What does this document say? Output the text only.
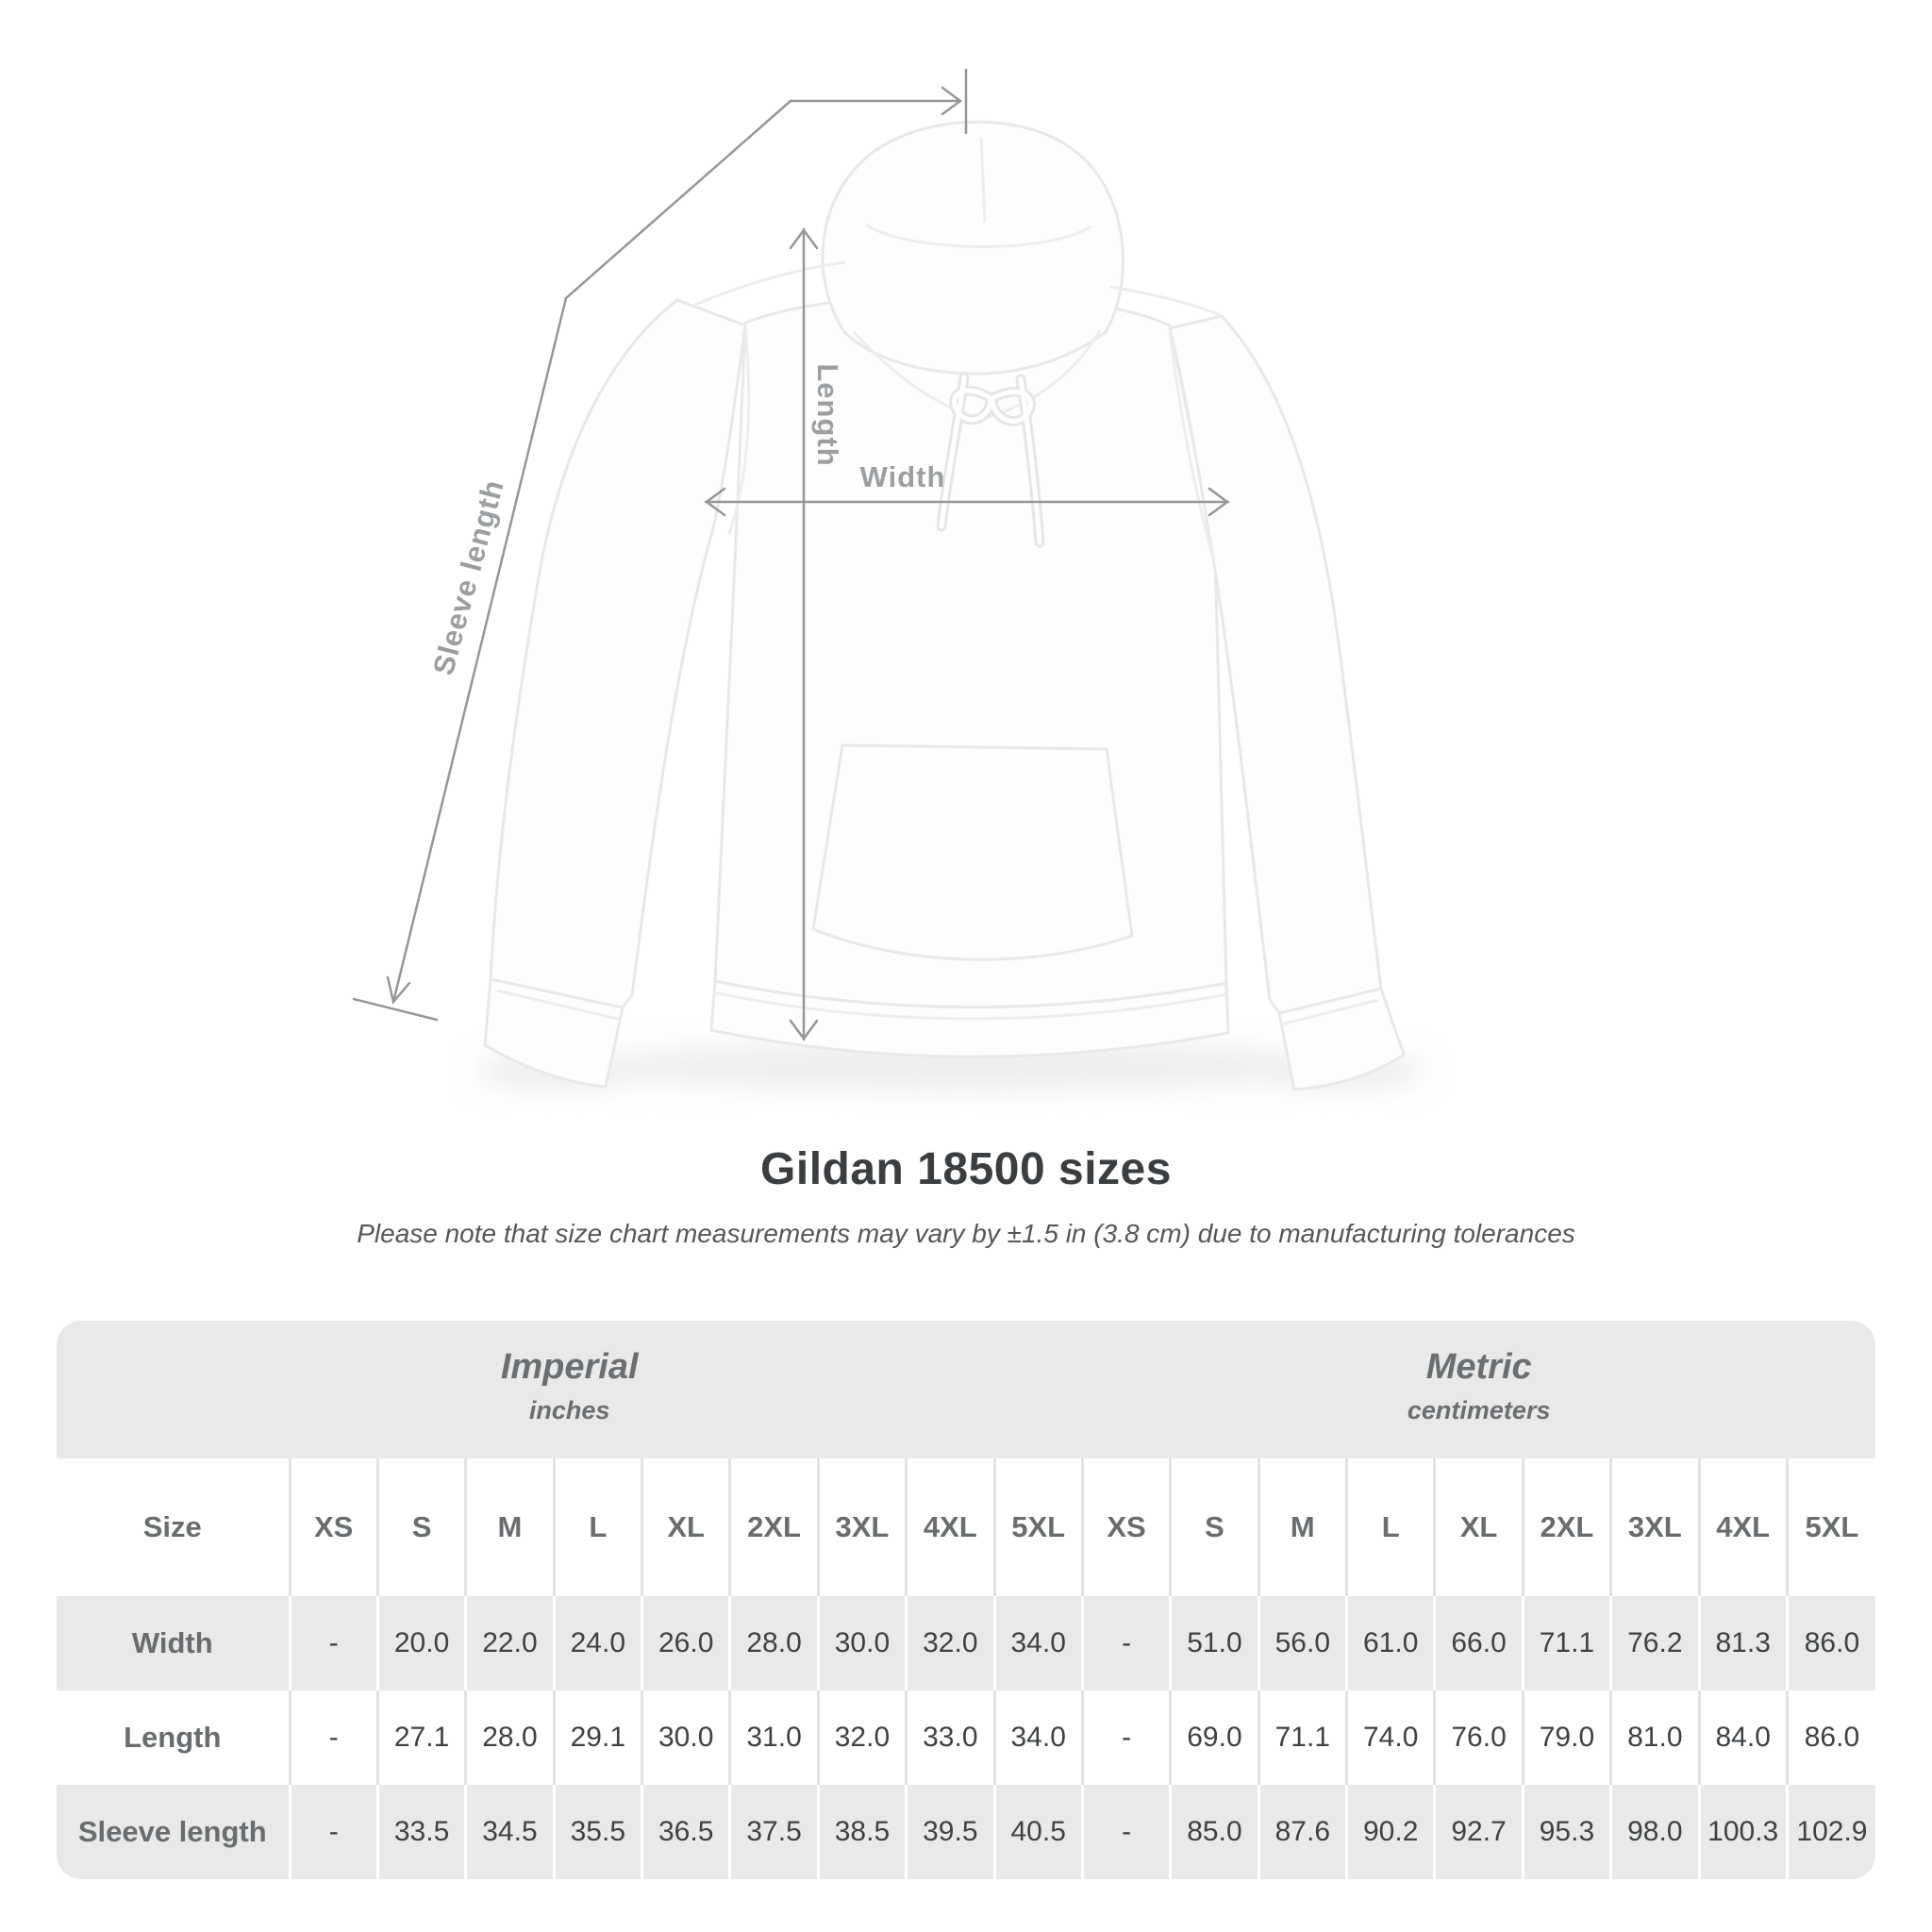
Length
Width
Sleeve length
Gildan 18500 sizes
Please note that size chart measurements may vary by ±1.5 in (3.8 cm) due to manufacturing tolerances
Imperial
inches

Metric
centimeters

Size	XS	S	M	L	XL	2XL	3XL	4XL	5XL	XS	S	M	L	XL	2XL	3XL	4XL	5XL
Width	-	20.0	22.0	24.0	26.0	28.0	30.0	32.0	34.0	-	51.0	56.0	61.0	66.0	71.1	76.2	81.3	86.0
Length	-	27.1	28.0	29.1	30.0	31.0	32.0	33.0	34.0	-	69.0	71.1	74.0	76.0	79.0	81.0	84.0	86.0
Sleeve length	-	33.5	34.5	35.5	36.5	37.5	38.5	39.5	40.5	-	85.0	87.6	90.2	92.7	95.3	98.0	100.3	102.9
